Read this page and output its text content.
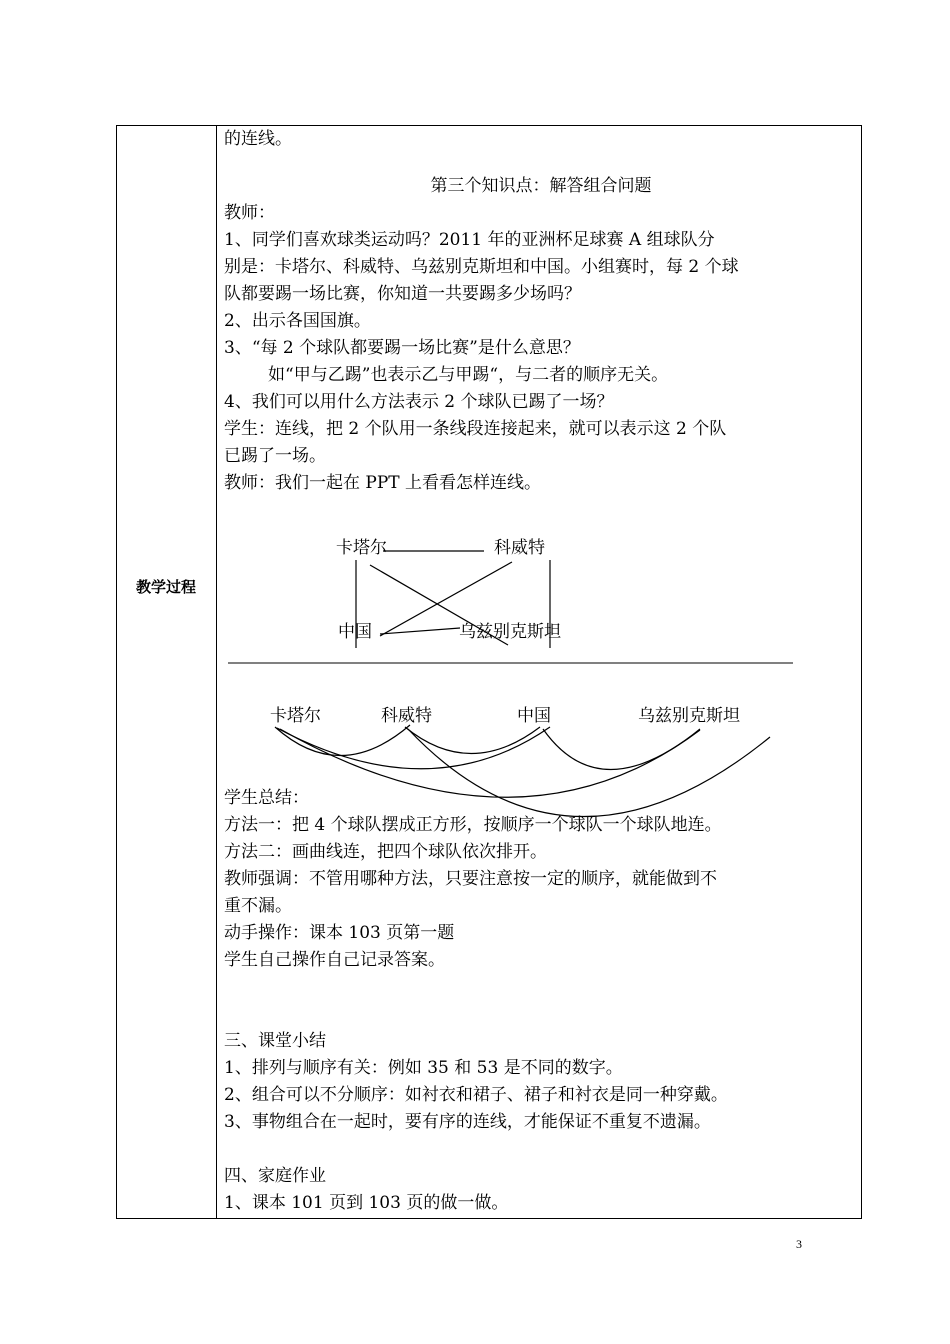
教学过程

的连线。

第三个知识点：解答组合问题

教师：

1、同学们喜欢球类运动吗？2011 年的亚洲杯足球赛 A 组球队分

别是：卡塔尔、科威特、乌兹别克斯坦和中国。小组赛时，每 2 个球

队都要踢一场比赛，你知道一共要踢多少场吗？

2、出示各国国旗。

3、“每 2 个球队都要踢一场比赛”是什么意思？

如“甲与乙踢”也表示乙与甲踢“，与二者的顺序无关。

4、我们可以用什么方法表示 2 个球队已踢了一场？

学生：连线，把 2 个队用一条线段连接起来，就可以表示这 2 个队

已踢了一场。

教师：我们一起在 PPT 上看看怎样连线。

学生总结：

方法一：把 4 个球队摆成正方形，按顺序一个球队一个球队地连。

方法二：画曲线连，把四个球队依次排开。

教师强调：不管用哪种方法，只要注意按一定的顺序，就能做到不

重不漏。

动手操作：课本 103 页第一题

学生自己操作自己记录答案。

三、课堂小结

1、排列与顺序有关：例如 35 和 53 是不同的数字。

2、组合可以不分顺序：如衬衣和裙子、裙子和衬衣是同一种穿戴。

3、事物组合在一起时，要有序的连线，才能保证不重复不遗漏。

四、家庭作业

1、课本 101 页到 103 页的做一做。

卡塔尔	科威特
中国	乌兹别克斯坦
卡塔尔	科威特	中国	乌兹别克斯坦
3
